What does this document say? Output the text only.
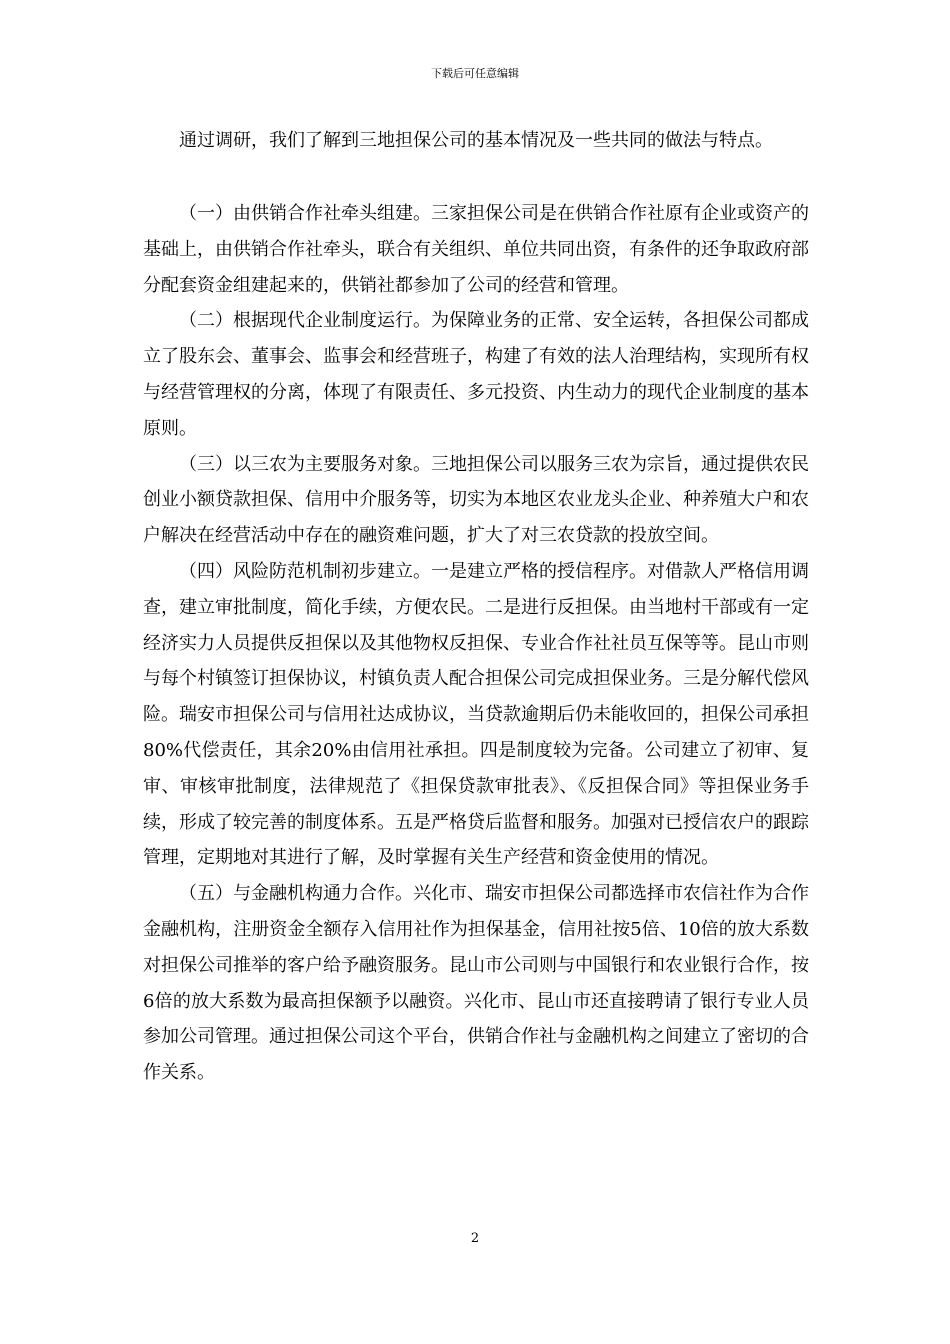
下载后可任意编辑
通过调研，我们了解到三地担保公司的基本情况及一些共同的做法与特点。

（一）由供销合作社牵头组建。三家担保公司是在供销合作社原有企业或资产的基础上，由供销合作社牵头，联合有关组织、单位共同出资，有条件的还争取政府部分配套资金组建起来的，供销社都参加了公司的经营和管理。

（二）根据现代企业制度运行。为保障业务的正常、安全运转，各担保公司都成立了股东会、董事会、监事会和经营班子，构建了有效的法人治理结构，实现所有权与经营管理权的分离，体现了有限责任、多元投资、内生动力的现代企业制度的基本原则。

（三）以三农为主要服务对象。三地担保公司以服务三农为宗旨，通过提供农民创业小额贷款担保、信用中介服务等，切实为本地区农业龙头企业、种养殖大户和农户解决在经营活动中存在的融资难问题，扩大了对三农贷款的投放空间。

（四）风险防范机制初步建立。一是建立严格的授信程序。对借款人严格信用调查，建立审批制度，简化手续，方便农民。二是进行反担保。由当地村干部或有一定经济实力人员提供反担保以及其他物权反担保、专业合作社社员互保等等。昆山市则与每个村镇签订担保协议，村镇负责人配合担保公司完成担保业务。三是分解代偿风险。瑞安市担保公司与信用社达成协议，当贷款逾期后仍未能收回的，担保公司承担80%代偿责任，其余20%由信用社承担。四是制度较为完备。公司建立了初审、复审、审核审批制度，法律规范了《担保贷款审批表》、《反担保合同》等担保业务手续，形成了较完善的制度体系。五是严格贷后监督和服务。加强对已授信农户的跟踪管理，定期地对其进行了解，及时掌握有关生产经营和资金使用的情况。

（五）与金融机构通力合作。兴化市、瑞安市担保公司都选择市农信社作为合作金融机构，注册资金全额存入信用社作为担保基金，信用社按5倍、10倍的放大系数对担保公司推举的客户给予融资服务。昆山市公司则与中国银行和农业银行合作，按6倍的放大系数为最高担保额予以融资。兴化市、昆山市还直接聘请了银行专业人员参加公司管理。通过担保公司这个平台，供销合作社与金融机构之间建立了密切的合作关系。

2
